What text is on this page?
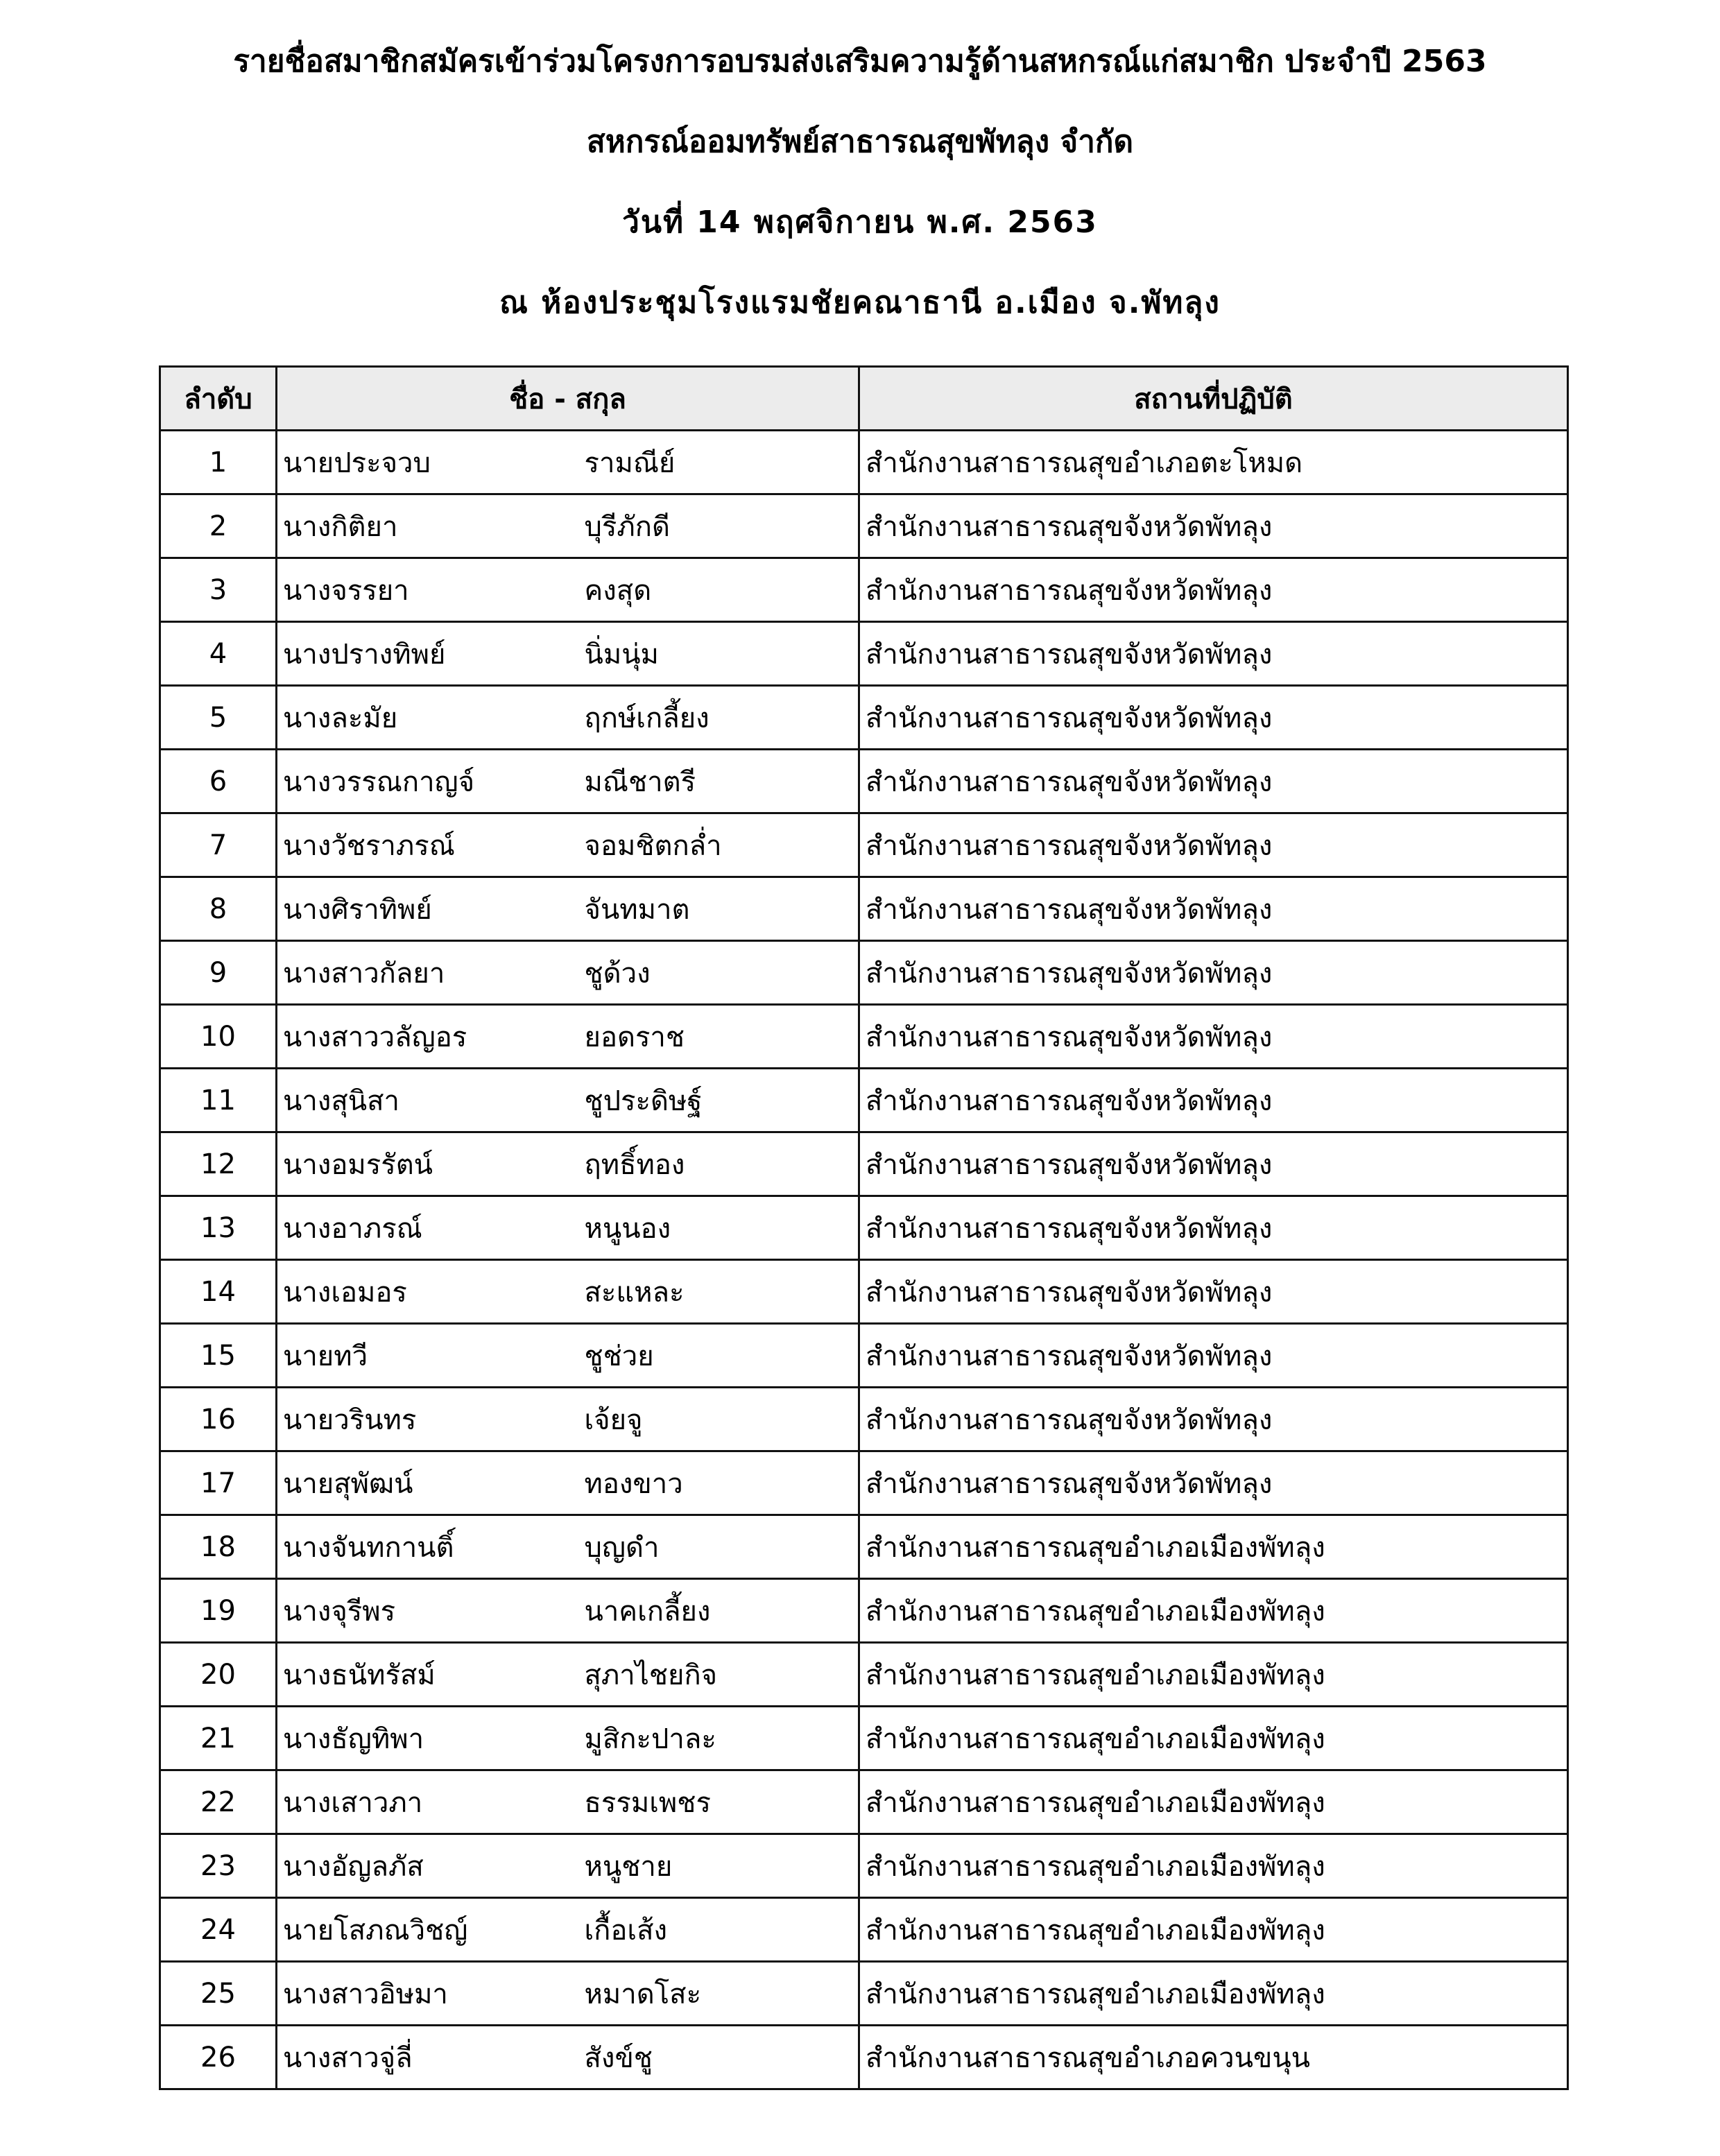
รายชื่อสมาชิกสมัครเข้าร่วมโครงการอบรมส่งเสริมความรู้ด้านสหกรณ์แก่สมาชิก ประจำปี 2563
สหกรณ์ออมทรัพย์สาธารณสุขพัทลุง จำกัด
วันที่ 14 พฤศจิกายน พ.ศ. 2563
ณ ห้องประชุมโรงแรมชัยคณาธานี อ.เมือง จ.พัทลุง
ลำดับ	ชื่อ - สกุล		สถานที่ปฏิบัติ
1	นายประจวบ	รามณีย์	สำนักงานสาธารณสุขอำเภอตะโหมด
2	นางกิติยา	บุรีภักดี	สำนักงานสาธารณสุขจังหวัดพัทลุง
3	นางจรรยา	คงสุด	สำนักงานสาธารณสุขจังหวัดพัทลุง
4	นางปรางทิพย์	นิ่มนุ่ม	สำนักงานสาธารณสุขจังหวัดพัทลุง
5	นางละมัย	ฤกษ์เกลี้ยง	สำนักงานสาธารณสุขจังหวัดพัทลุง
6	นางวรรณกาญจ์	มณีชาตรี	สำนักงานสาธารณสุขจังหวัดพัทลุง
7	นางวัชราภรณ์	จอมชิตกล่ำ	สำนักงานสาธารณสุขจังหวัดพัทลุง
8	นางศิราทิพย์	จันทมาต	สำนักงานสาธารณสุขจังหวัดพัทลุง
9	นางสาวกัลยา	ชูด้วง	สำนักงานสาธารณสุขจังหวัดพัทลุง
10	นางสาววลัญอร	ยอดราช	สำนักงานสาธารณสุขจังหวัดพัทลุง
11	นางสุนิสา	ชูประดิษฐ์	สำนักงานสาธารณสุขจังหวัดพัทลุง
12	นางอมรรัตน์	ฤทธิ์ทอง	สำนักงานสาธารณสุขจังหวัดพัทลุง
13	นางอาภรณ์	หนูนอง	สำนักงานสาธารณสุขจังหวัดพัทลุง
14	นางเอมอร	สะแหละ	สำนักงานสาธารณสุขจังหวัดพัทลุง
15	นายทวี	ชูช่วย	สำนักงานสาธารณสุขจังหวัดพัทลุง
16	นายวรินทร	เจ้ยจู	สำนักงานสาธารณสุขจังหวัดพัทลุง
17	นายสุพัฒน์	ทองขาว	สำนักงานสาธารณสุขจังหวัดพัทลุง
18	นางจันทกานติ์	บุญดำ	สำนักงานสาธารณสุขอำเภอเมืองพัทลุง
19	นางจุรีพร	นาคเกลี้ยง	สำนักงานสาธารณสุขอำเภอเมืองพัทลุง
20	นางธนัทรัสม์	สุภาไชยกิจ	สำนักงานสาธารณสุขอำเภอเมืองพัทลุง
21	นางธัญทิพา	มูสิกะปาละ	สำนักงานสาธารณสุขอำเภอเมืองพัทลุง
22	นางเสาวภา	ธรรมเพชร	สำนักงานสาธารณสุขอำเภอเมืองพัทลุง
23	นางอัญลภัส	หนูชาย	สำนักงานสาธารณสุขอำเภอเมืองพัทลุง
24	นายโสภณวิชญ์	เกื้อเส้ง	สำนักงานสาธารณสุขอำเภอเมืองพัทลุง
25	นางสาวอิษมา	หมาดโสะ	สำนักงานสาธารณสุขอำเภอเมืองพัทลุง
26	นางสาวจู่ลี่	สังข์ชู	สำนักงานสาธารณสุขอำเภอควนขนุน
